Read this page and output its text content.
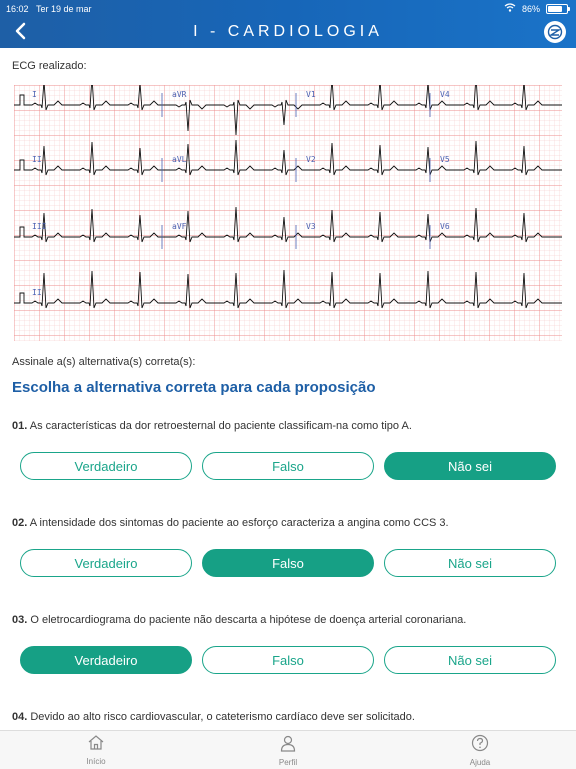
16:02 Ter 19 de mar	86%
I - CARDIOLOGIA
ECG realizado:
I	aVR	V1	V4
II	aVL	V2	V5
III	aVF	V3	V6
II
Assinale a(s) alternativa(s) correta(s):
Escolha a alternativa correta para cada proposição
01. As características da dor retroesternal do paciente classificam-na como tipo A.
Verdadeiro	Falso	Não sei
02. A intensidade dos sintomas do paciente ao esforço caracteriza a angina como CCS 3.
Verdadeiro	Falso	Não sei
03. O eletrocardiograma do paciente não descarta a hipótese de doença arterial coronariana.
Verdadeiro	Falso	Não sei
04. Devido ao alto risco cardiovascular, o cateterismo cardíaco deve ser solicitado.
Início	Perfil	Ajuda
